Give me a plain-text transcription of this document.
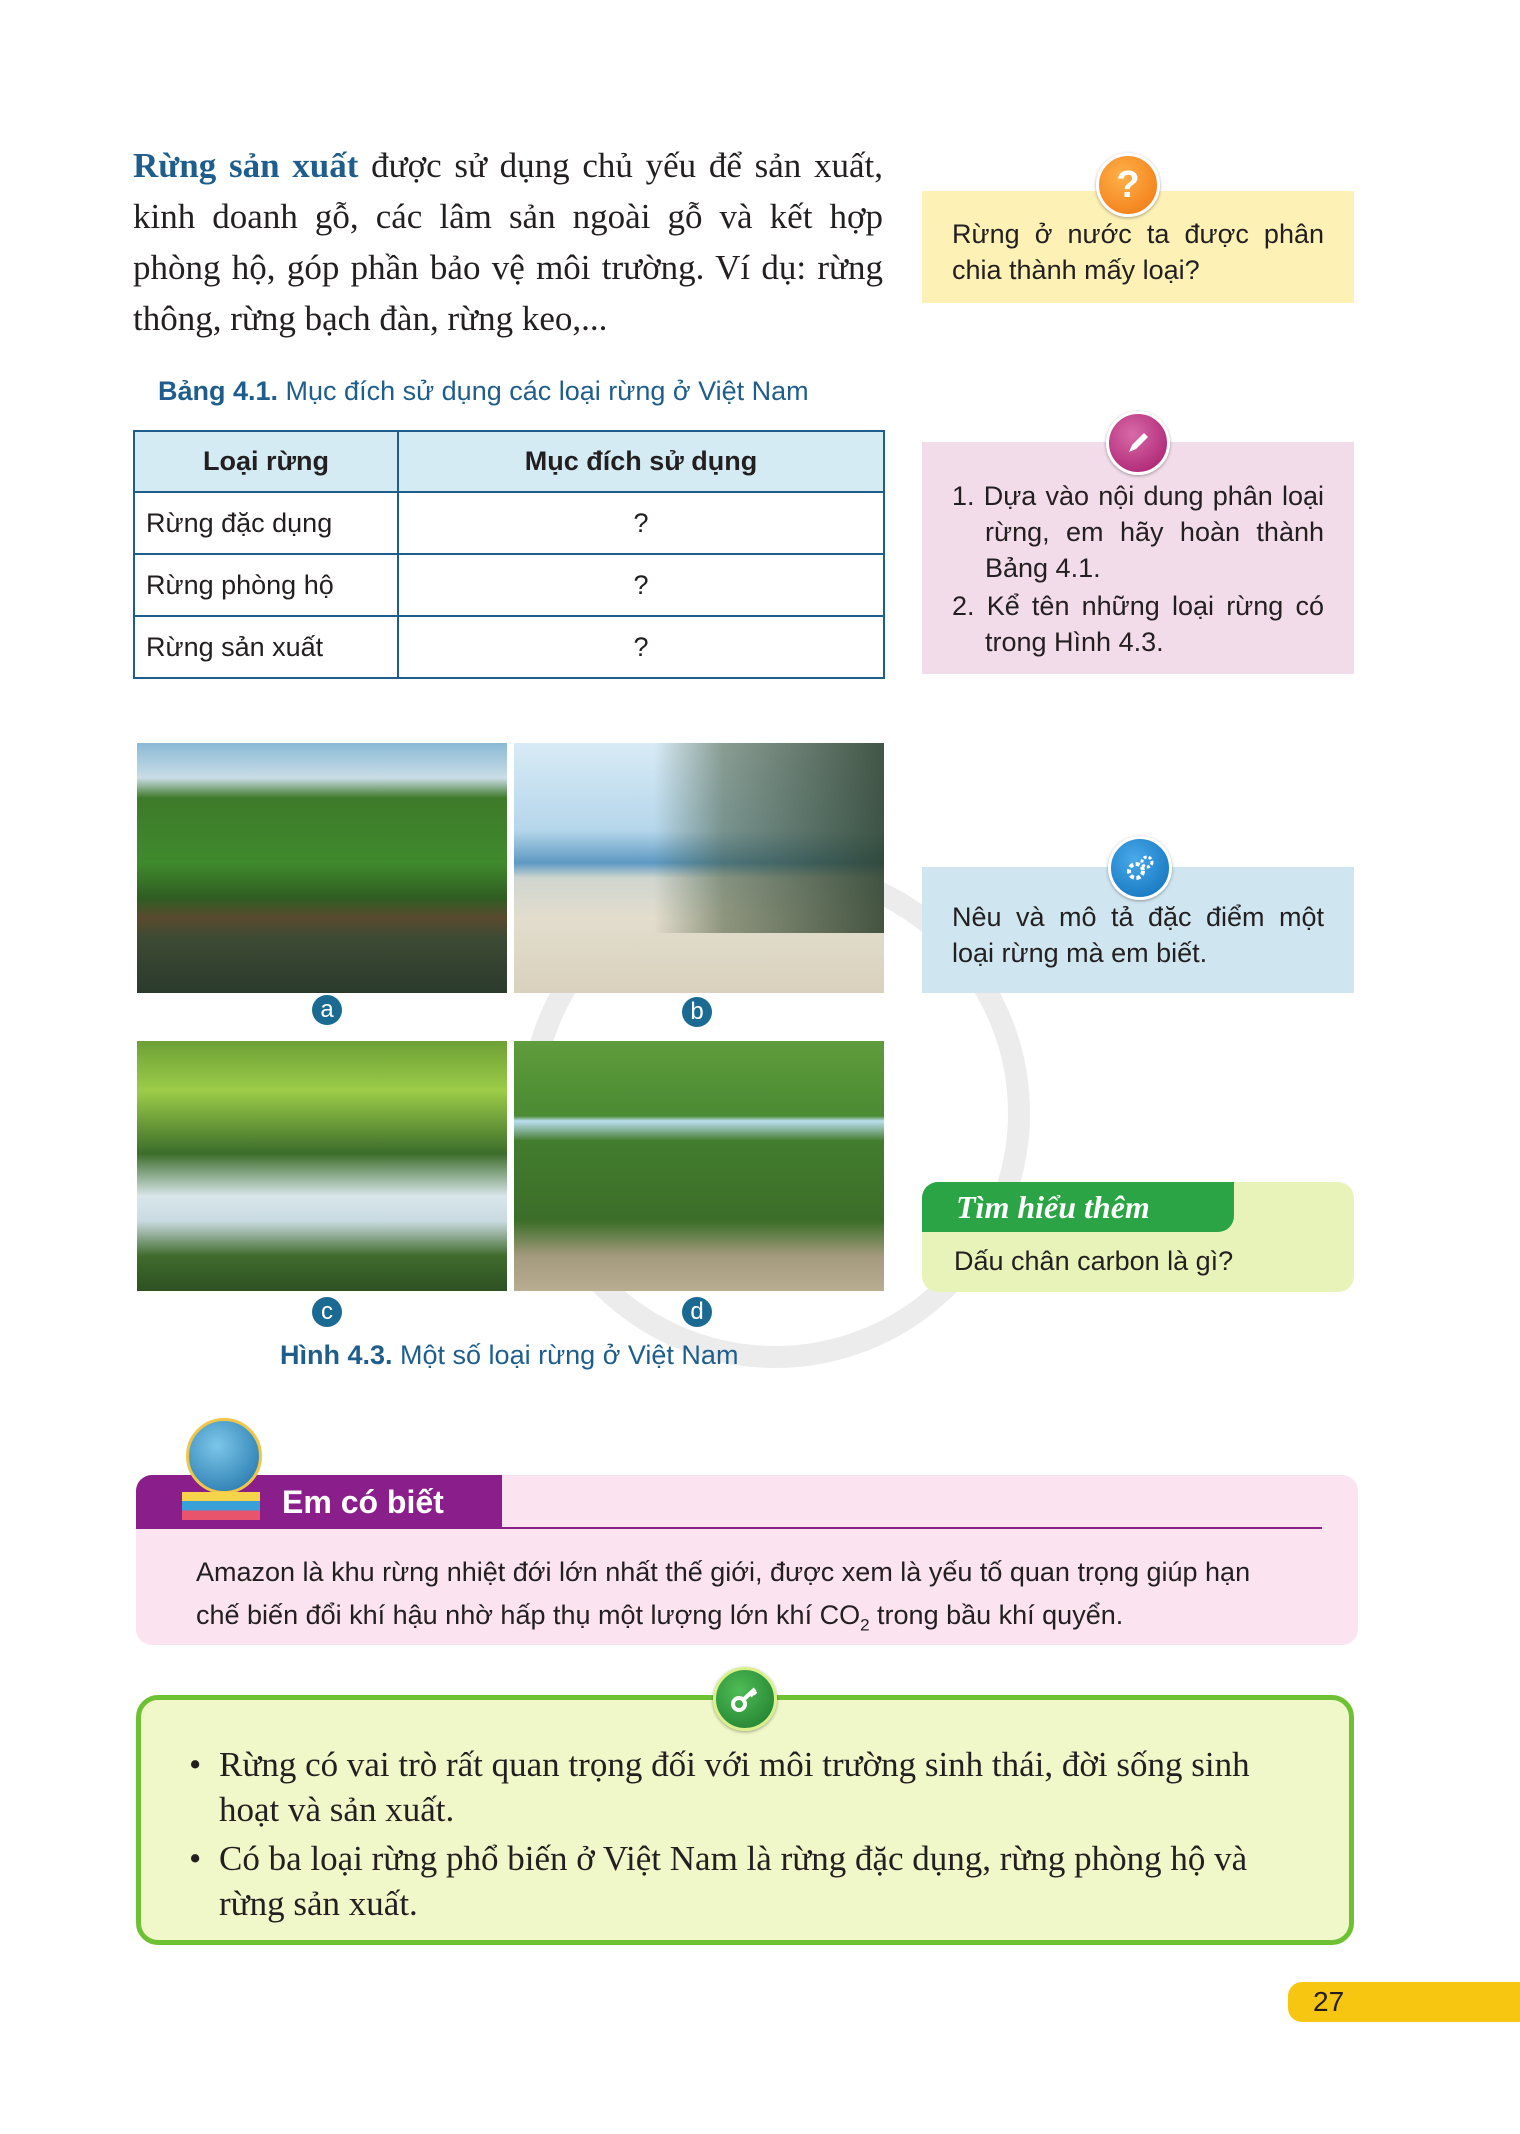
Rừng sản xuất được sử dụng chủ yếu để sản xuất, kinh doanh gỗ, các lâm sản ngoài gỗ và kết hợp phòng hộ, góp phần bảo vệ môi trường. Ví dụ: rừng thông, rừng bạch đàn, rừng keo,...
Rừng ở nước ta được phân chia thành mấy loại?
?
1. Dựa vào nội dung phân loại rừng, em hãy hoàn thành Bảng 4.1.
2. Kể tên những loại rừng có trong Hình 4.3.
Bảng 4.1. Mục đích sử dụng các loại rừng ở Việt Nam
Loại rừng	Mục đích sử dụng
Rừng đặc dụng	?
Rừng phòng hộ	?
Rừng sản xuất	?
a	b
c	d
Hình 4.3. Một số loại rừng ở Việt Nam
Nêu và mô tả đặc điểm một loại rừng mà em biết.
Tìm hiểu thêm
Dấu chân carbon là gì?
Em có biết
Amazon là khu rừng nhiệt đới lớn nhất thế giới, được xem là yếu tố quan trọng giúp hạn chế biến đổi khí hậu nhờ hấp thụ một lượng lớn khí $CO_2$ trong bầu khí quyển.
• Rừng có vai trò rất quan trọng đối với môi trường sinh thái, đời sống sinh hoạt và sản xuất.
• Có ba loại rừng phổ biến ở Việt Nam là rừng đặc dụng, rừng phòng hộ và rừng sản xuất.
27
